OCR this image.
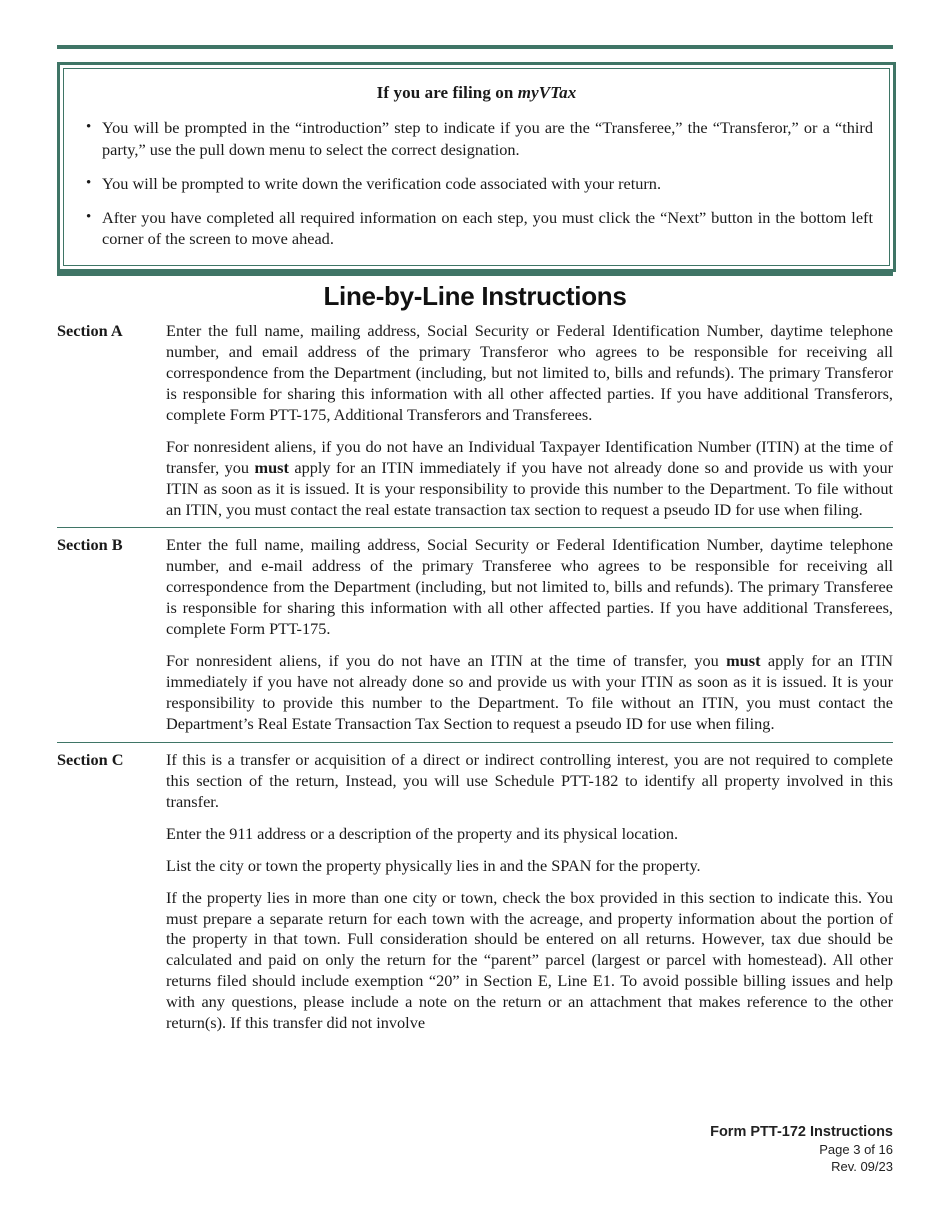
If you are filing on myVTax
• You will be prompted in the “introduction” step to indicate if you are the “Transferee,” the “Transferor,” or a “third party,” use the pull down menu to select the correct designation.
• You will be prompted to write down the verification code associated with your return.
• After you have completed all required information on each step, you must click the “Next” button in the bottom left corner of the screen to move ahead.
Line-by-Line Instructions
Section A	Enter the full name, mailing address, Social Security or Federal Identification Number, daytime telephone number, and email address of the primary Transferor who agrees to be responsible for receiving all correspondence from the Department (including, but not limited to, bills and refunds). The primary Transferor is responsible for sharing this information with all other affected parties. If you have additional Transferors, complete Form PTT-175, Additional Transferors and Transferees.

For nonresident aliens, if you do not have an Individual Taxpayer Identification Number (ITIN) at the time of transfer, you must apply for an ITIN immediately if you have not already done so and provide us with your ITIN as soon as it is issued. It is your responsibility to provide this number to the Department. To file without an ITIN, you must contact the real estate transaction tax section to request a pseudo ID for use when filing.

Section B	Enter the full name, mailing address, Social Security or Federal Identification Number, daytime telephone number, and e-mail address of the primary Transferee who agrees to be responsible for receiving all correspondence from the Department (including, but not limited to, bills and refunds). The primary Transferee is responsible for sharing this information with all other affected parties. If you have additional Transferees, complete Form PTT-175.

For nonresident aliens, if you do not have an ITIN at the time of transfer, you must apply for an ITIN immediately if you have not already done so and provide us with your ITIN as soon as it is issued. It is your responsibility to provide this number to the Department. To file without an ITIN, you must contact the Department’s Real Estate Transaction Tax Section to request a pseudo ID for use when filing.

Section C	If this is a transfer or acquisition of a direct or indirect controlling interest, you are not required to complete this section of the return, Instead, you will use Schedule PTT-182 to identify all property involved in this transfer.

Enter the 911 address or a description of the property and its physical location.

List the city or town the property physically lies in and the SPAN for the property.

If the property lies in more than one city or town, check the box provided in this section to indicate this. You must prepare a separate return for each town with the acreage, and property information about the portion of the property in that town. Full consideration should be entered on all returns. However, tax due should be calculated and paid on only the return for the “parent” parcel (largest or parcel with homestead). All other returns filed should include exemption “20” in Section E, Line E1. To avoid possible billing issues and help with any questions, please include a note on the return or an attachment that makes reference to the other return(s). If this transfer did not involve

Form PTT-172 Instructions
Page 3 of 16
Rev. 09/23
